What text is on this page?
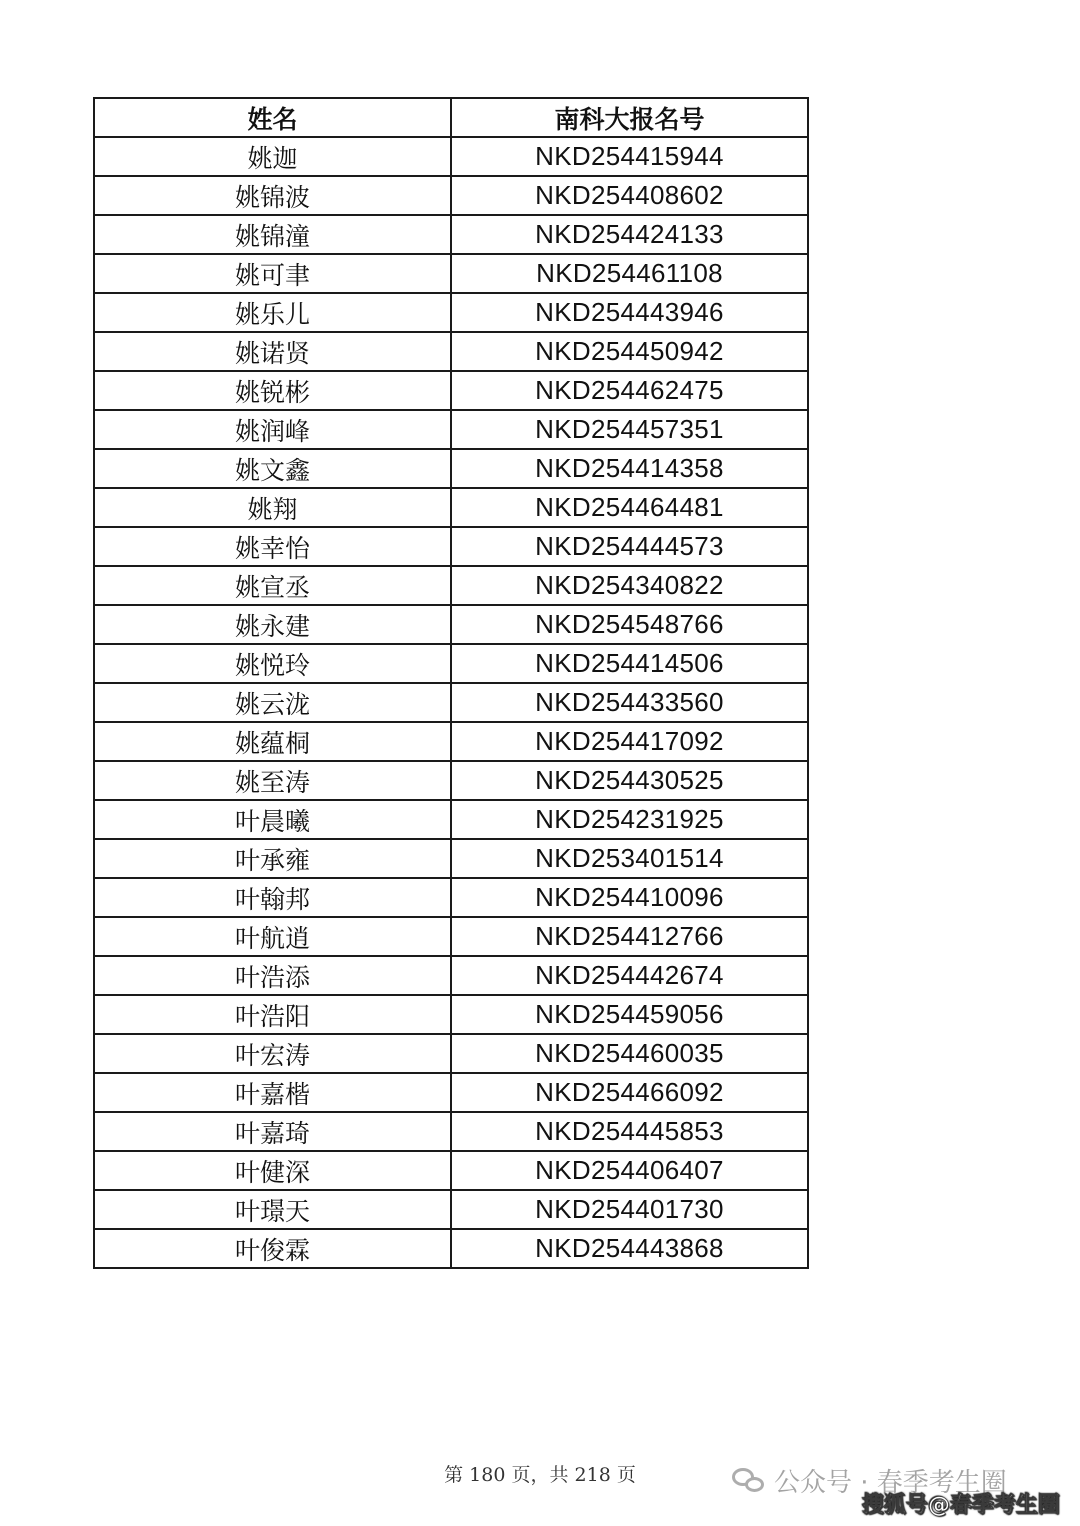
姓名	南科大报名号
姚迦	NKD254415944
姚锦波	NKD254408602
姚锦潼	NKD254424133
姚可聿	NKD254461108
姚乐儿	NKD254443946
姚诺贤	NKD254450942
姚锐彬	NKD254462475
姚润峰	NKD254457351
姚文鑫	NKD254414358
姚翔	NKD254464481
姚幸怡	NKD254444573
姚宣丞	NKD254340822
姚永建	NKD254548766
姚悦玲	NKD254414506
姚云泷	NKD254433560
姚蕴桐	NKD254417092
姚至涛	NKD254430525
叶晨曦	NKD254231925
叶承雍	NKD253401514
叶翰邦	NKD254410096
叶航逍	NKD254412766
叶浩添	NKD254442674
叶浩阳	NKD254459056
叶宏涛	NKD254460035
叶嘉楷	NKD254466092
叶嘉琦	NKD254445853
叶健深	NKD254406407
叶璟天	NKD254401730
叶俊霖	NKD254443868
第 180 页，共 218 页	公众号 · 春季考生圈
搜狐号@春季考生圈
